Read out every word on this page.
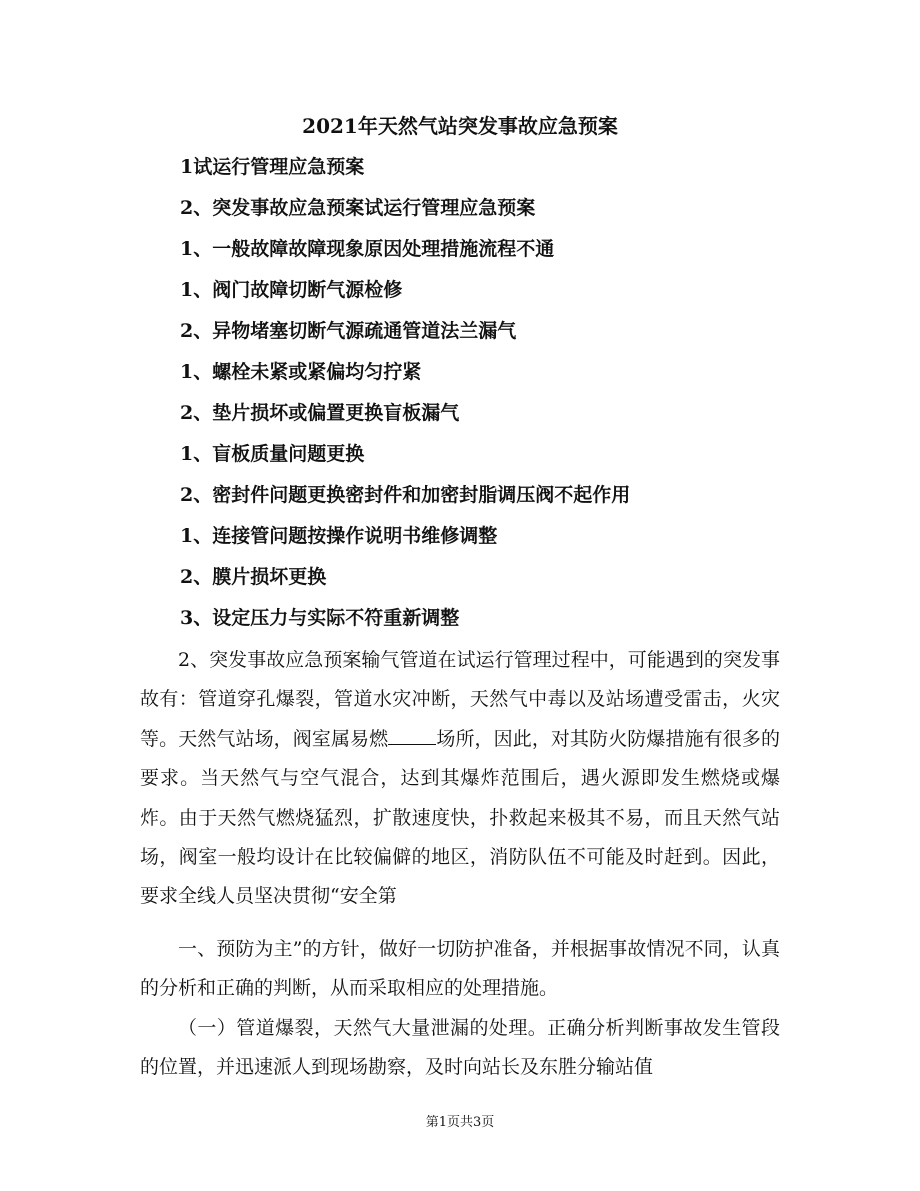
2021年天然气站突发事故应急预案
1试运行管理应急预案
2、突发事故应急预案试运行管理应急预案
1、一般故障故障现象原因处理措施流程不通
1、阀门故障切断气源检修
2、异物堵塞切断气源疏通管道法兰漏气
1、螺栓未紧或紧偏均匀拧紧
2、垫片损坏或偏置更换盲板漏气
1、盲板质量问题更换
2、密封件问题更换密封件和加密封脂调压阀不起作用
1、连接管问题按操作说明书维修调整
2、膜片损坏更换
3、设定压力与实际不符重新调整
2、突发事故应急预案输气管道在试运行管理过程中，可能遇到的突发事故有：管道穿孔爆裂，管道水灾冲断，天然气中毒以及站场遭受雷击，火灾等。天然气站场，阀室属易燃	场所，因此，对其防火防爆措施有很多的要求。当天然气与空气混合，达到其爆炸范围后，遇火源即发生燃烧或爆炸。由于天然气燃烧猛烈，扩散速度快，扑救起来极其不易，而且天然气站场，阀室一般均设计在比较偏僻的地区，消防队伍不可能及时赶到。因此，要求全线人员坚决贯彻“安全第
一、预防为主”的方针，做好一切防护准备，并根据事故情况不同，认真的分析和正确的判断，从而采取相应的处理措施。
（一）管道爆裂，天然气大量泄漏的处理。正确分析判断事故发生管段的位置，并迅速派人到现场勘察，及时向站长及东胜分输站值
第1页共3页
